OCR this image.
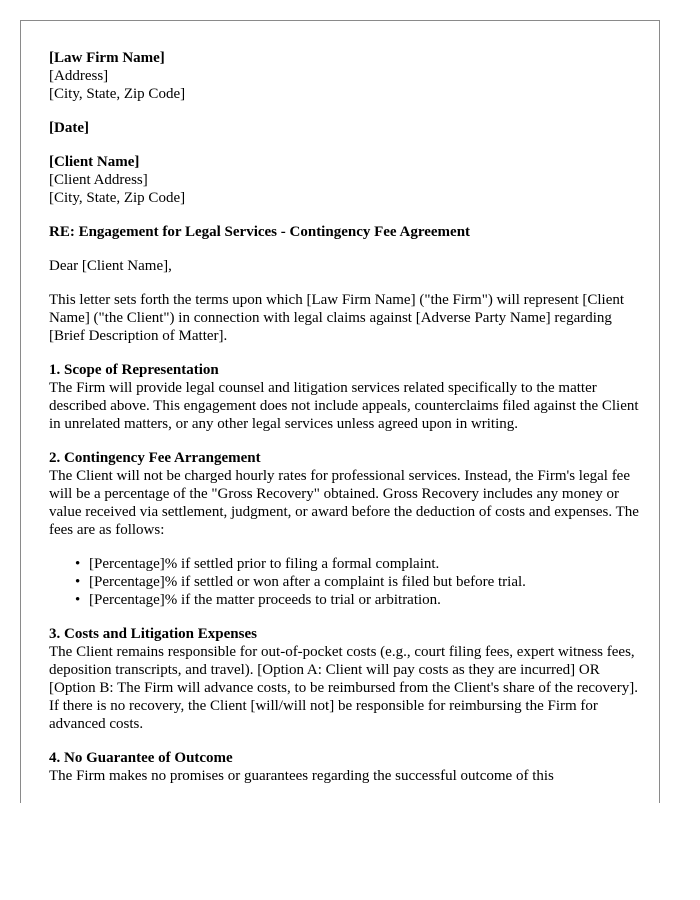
[Law Firm Name]
[Address]
[City, State, Zip Code]
[Date]
[Client Name]
[Client Address]
[City, State, Zip Code]
RE: Engagement for Legal Services - Contingency Fee Agreement
Dear [Client Name],

This letter sets forth the terms upon which [Law Firm Name] ("the Firm") will represent [Client Name] ("the Client") in connection with legal claims against [Adverse Party Name] regarding [Brief Description of Matter].

1. Scope of Representation

The Firm will provide legal counsel and litigation services related specifically to the matter described above. This engagement does not include appeals, counterclaims filed against the Client in unrelated matters, or any other legal services unless agreed upon in writing.

2. Contingency Fee Arrangement

The Client will not be charged hourly rates for professional services. Instead, the Firm's legal fee will be a percentage of the "Gross Recovery" obtained. Gross Recovery includes any money or value received via settlement, judgment, or award before the deduction of costs and expenses. The fees are as follows:

• [Percentage]% if settled prior to filing a formal complaint.
• [Percentage]% if settled or won after a complaint is filed but before trial.
• [Percentage]% if the matter proceeds to trial or arbitration.
3. Costs and Litigation Expenses

The Client remains responsible for out-of-pocket costs (e.g., court filing fees, expert witness fees, deposition transcripts, and travel). [Option A: Client will pay costs as they are incurred] OR [Option B: The Firm will advance costs, to be reimbursed from the Client's share of the recovery]. If there is no recovery, the Client [will/will not] be responsible for reimbursing the Firm for advanced costs.

4. No Guarantee of Outcome

The Firm makes no promises or guarantees regarding the successful outcome of this
